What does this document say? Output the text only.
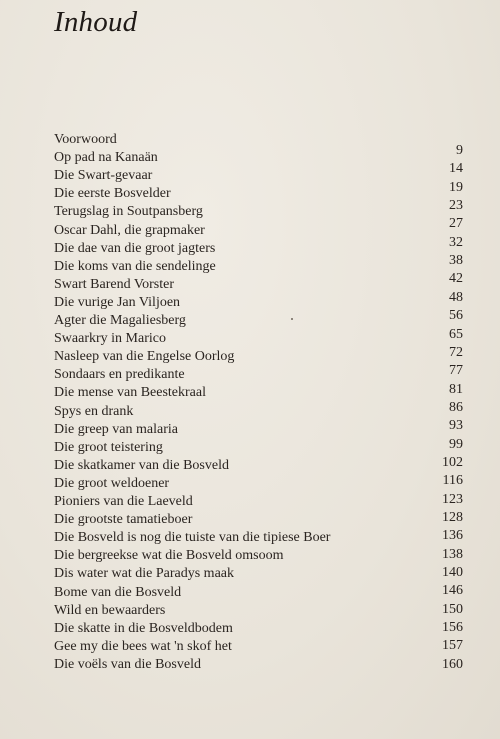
Inhoud
Voorwoord
Op pad na Kanaän
Die Swart-gevaar
Die eerste Bosvelder
Terugslag in Soutpansberg
Oscar Dahl, die grapmaker
Die dae van die groot jagters
Die koms van die sendelinge
Swart Barend Vorster
Die vurige Jan Viljoen
Agter die Magaliesberg
Swaarkry in Marico
Nasleep van die Engelse Oorlog
Sondaars en predikante
Die mense van Beestekraal
Spys en drank
Die greep van malaria
Die groot teistering
Die skatkamer van die Bosveld
Die groot weldoener
Pioniers van die Laeveld
Die grootste tamatieboer
Die Bosveld is nog die tuiste van die tipiese Boer
Die bergreekse wat die Bosveld omsoom
Dis water wat die Paradys maak
Bome van die Bosveld
Wild en bewaarders
Die skatte in die Bosveldbodem
Gee my die bees wat 'n skof het
Die voëls van die Bosveld
9
14
19
23
27
32
38
42
48
56
65
72
77
81
86
93
99
102
116
123
128
136
138
140
146
150
156
157
160
